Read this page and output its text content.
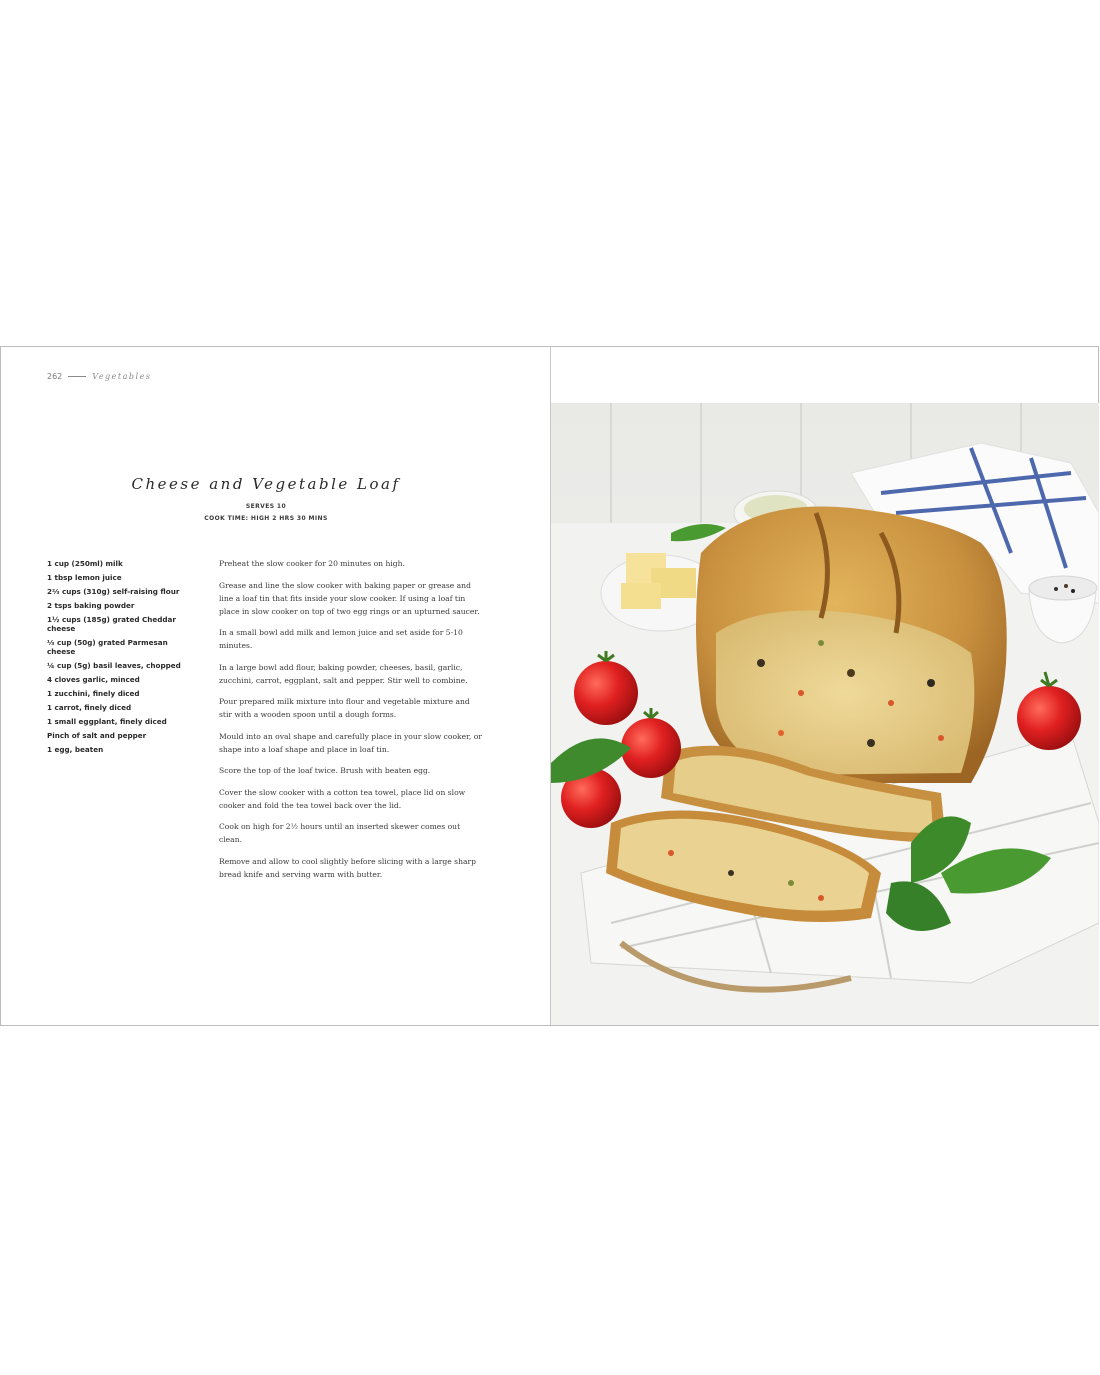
262	Vegetables
Cheese and Vegetable Loaf
SERVES 10
COOK TIME: HIGH 2 HRS 30 MINS
1 cup (250ml) milk
1 tbsp lemon juice
2⅔ cups (310g) self-raising flour
2 tsps baking powder
1½ cups (185g) grated Cheddar cheese
⅓ cup (50g) grated Parmesan cheese
¼ cup (5g) basil leaves, chopped
4 cloves garlic, minced
1 zucchini, finely diced
1 carrot, finely diced
1 small eggplant, finely diced
Pinch of salt and pepper
1 egg, beaten

Preheat the slow cooker for 20 minutes on high.

Grease and line the slow cooker with baking paper or grease and line a loaf tin that fits inside your slow cooker. If using a loaf tin place in slow cooker on top of two egg rings or an upturned saucer.

In a small bowl add milk and lemon juice and set aside for 5-10 minutes.

In a large bowl add flour, baking powder, cheeses, basil, garlic, zucchini, carrot, eggplant, salt and pepper. Stir well to combine.

Pour prepared milk mixture into flour and vegetable mixture and stir with a wooden spoon until a dough forms.

Mould into an oval shape and carefully place in your slow cooker, or shape into a loaf shape and place in loaf tin.

Score the top of the loaf twice. Brush with beaten egg.

Cover the slow cooker with a cotton tea towel, place lid on slow cooker and fold the tea towel back over the lid.

Cook on high for 2½ hours until an inserted skewer comes out clean.

Remove and allow to cool slightly before slicing with a large sharp bread knife and serving warm with butter.
